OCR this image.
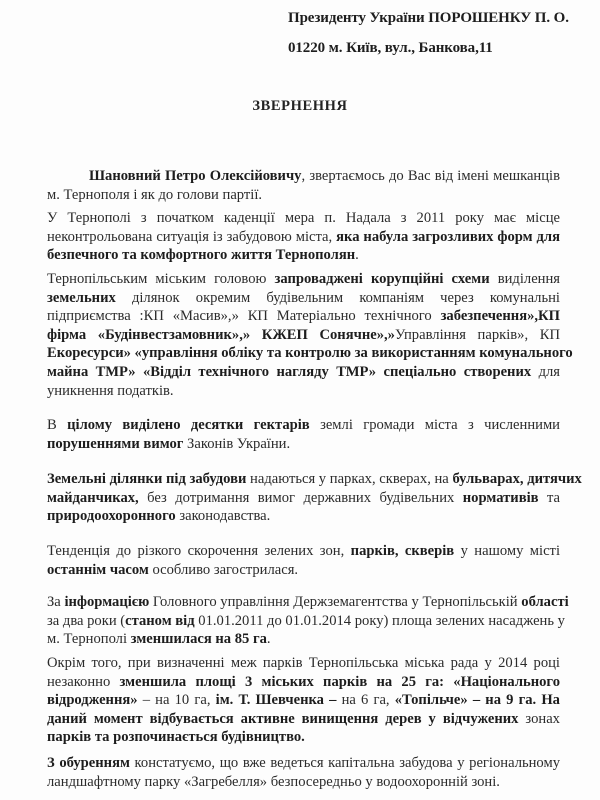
Президенту України ПОРОШЕНКУ П. О.
01220 м. Київ, вул., Банкова,11
ЗВЕРНЕННЯ
Шановний Петро Олексійовичу, звертаємось до Вас від імені мешканців
м. Тернополя і як до голови партії.
У Тернополі з початком каденції мера п. Надала з 2011 року має місце
неконтрольована ситуація із забудовою міста, яка набула загрозливих форм для
безпечного та комфортного життя Тернополян.
Тернопільським міським головою запроваджені корупційні схеми виділення
земельних ділянок окремим будівельним компаніям через комунальні
підприємства :КП «Масив»,» КП Матеріально технічного забезпечення»,КП
фірма «Будінвестзамовник»,» КЖЕП Сонячне»,»Управління парків», КП
Екоресурси» «управління обліку та контролю за використанням комунального
майна ТМР» «Відділ технічного нагляду ТМР» спеціально створених для
уникнення податків.
В цілому виділено десятки гектарів землі громади міста з численними
порушеннями вимог Законів України.
Земельні ділянки під забудови надаються у парках, скверах, на бульварах, дитячих
майданчиках, без дотримання вимог державних будівельних нормативів та
природоохоронного законодавства.
Тенденція до різкого скорочення зелених зон, парків, скверів у нашому місті
останнім часом особливо загострилася.
За інформацією Головного управління Держземагентства у Тернопільській області
за два роки (станом від 01.01.2011 до 01.01.2014 року) площа зелених насаджень у
м. Тернополі зменшилася на 85 га.
Окрім того, при визначенні меж парків Тернопільська міська рада у 2014 році
незаконно зменшила площі 3 міських парків на 25 га: «Національного
відродження» – на 10 га, ім. Т. Шевченка – на 6 га, «Топільче» – на 9 га. На
даний момент відбувається активне винищення дерев у відчужених зонах
парків та розпочинається будівництво.
З обуренням констатуємо, що вже ведеться капітальна забудова у регіональному
ландшафтному парку «Загребелля» безпосередньо у водоохоронній зоні.
